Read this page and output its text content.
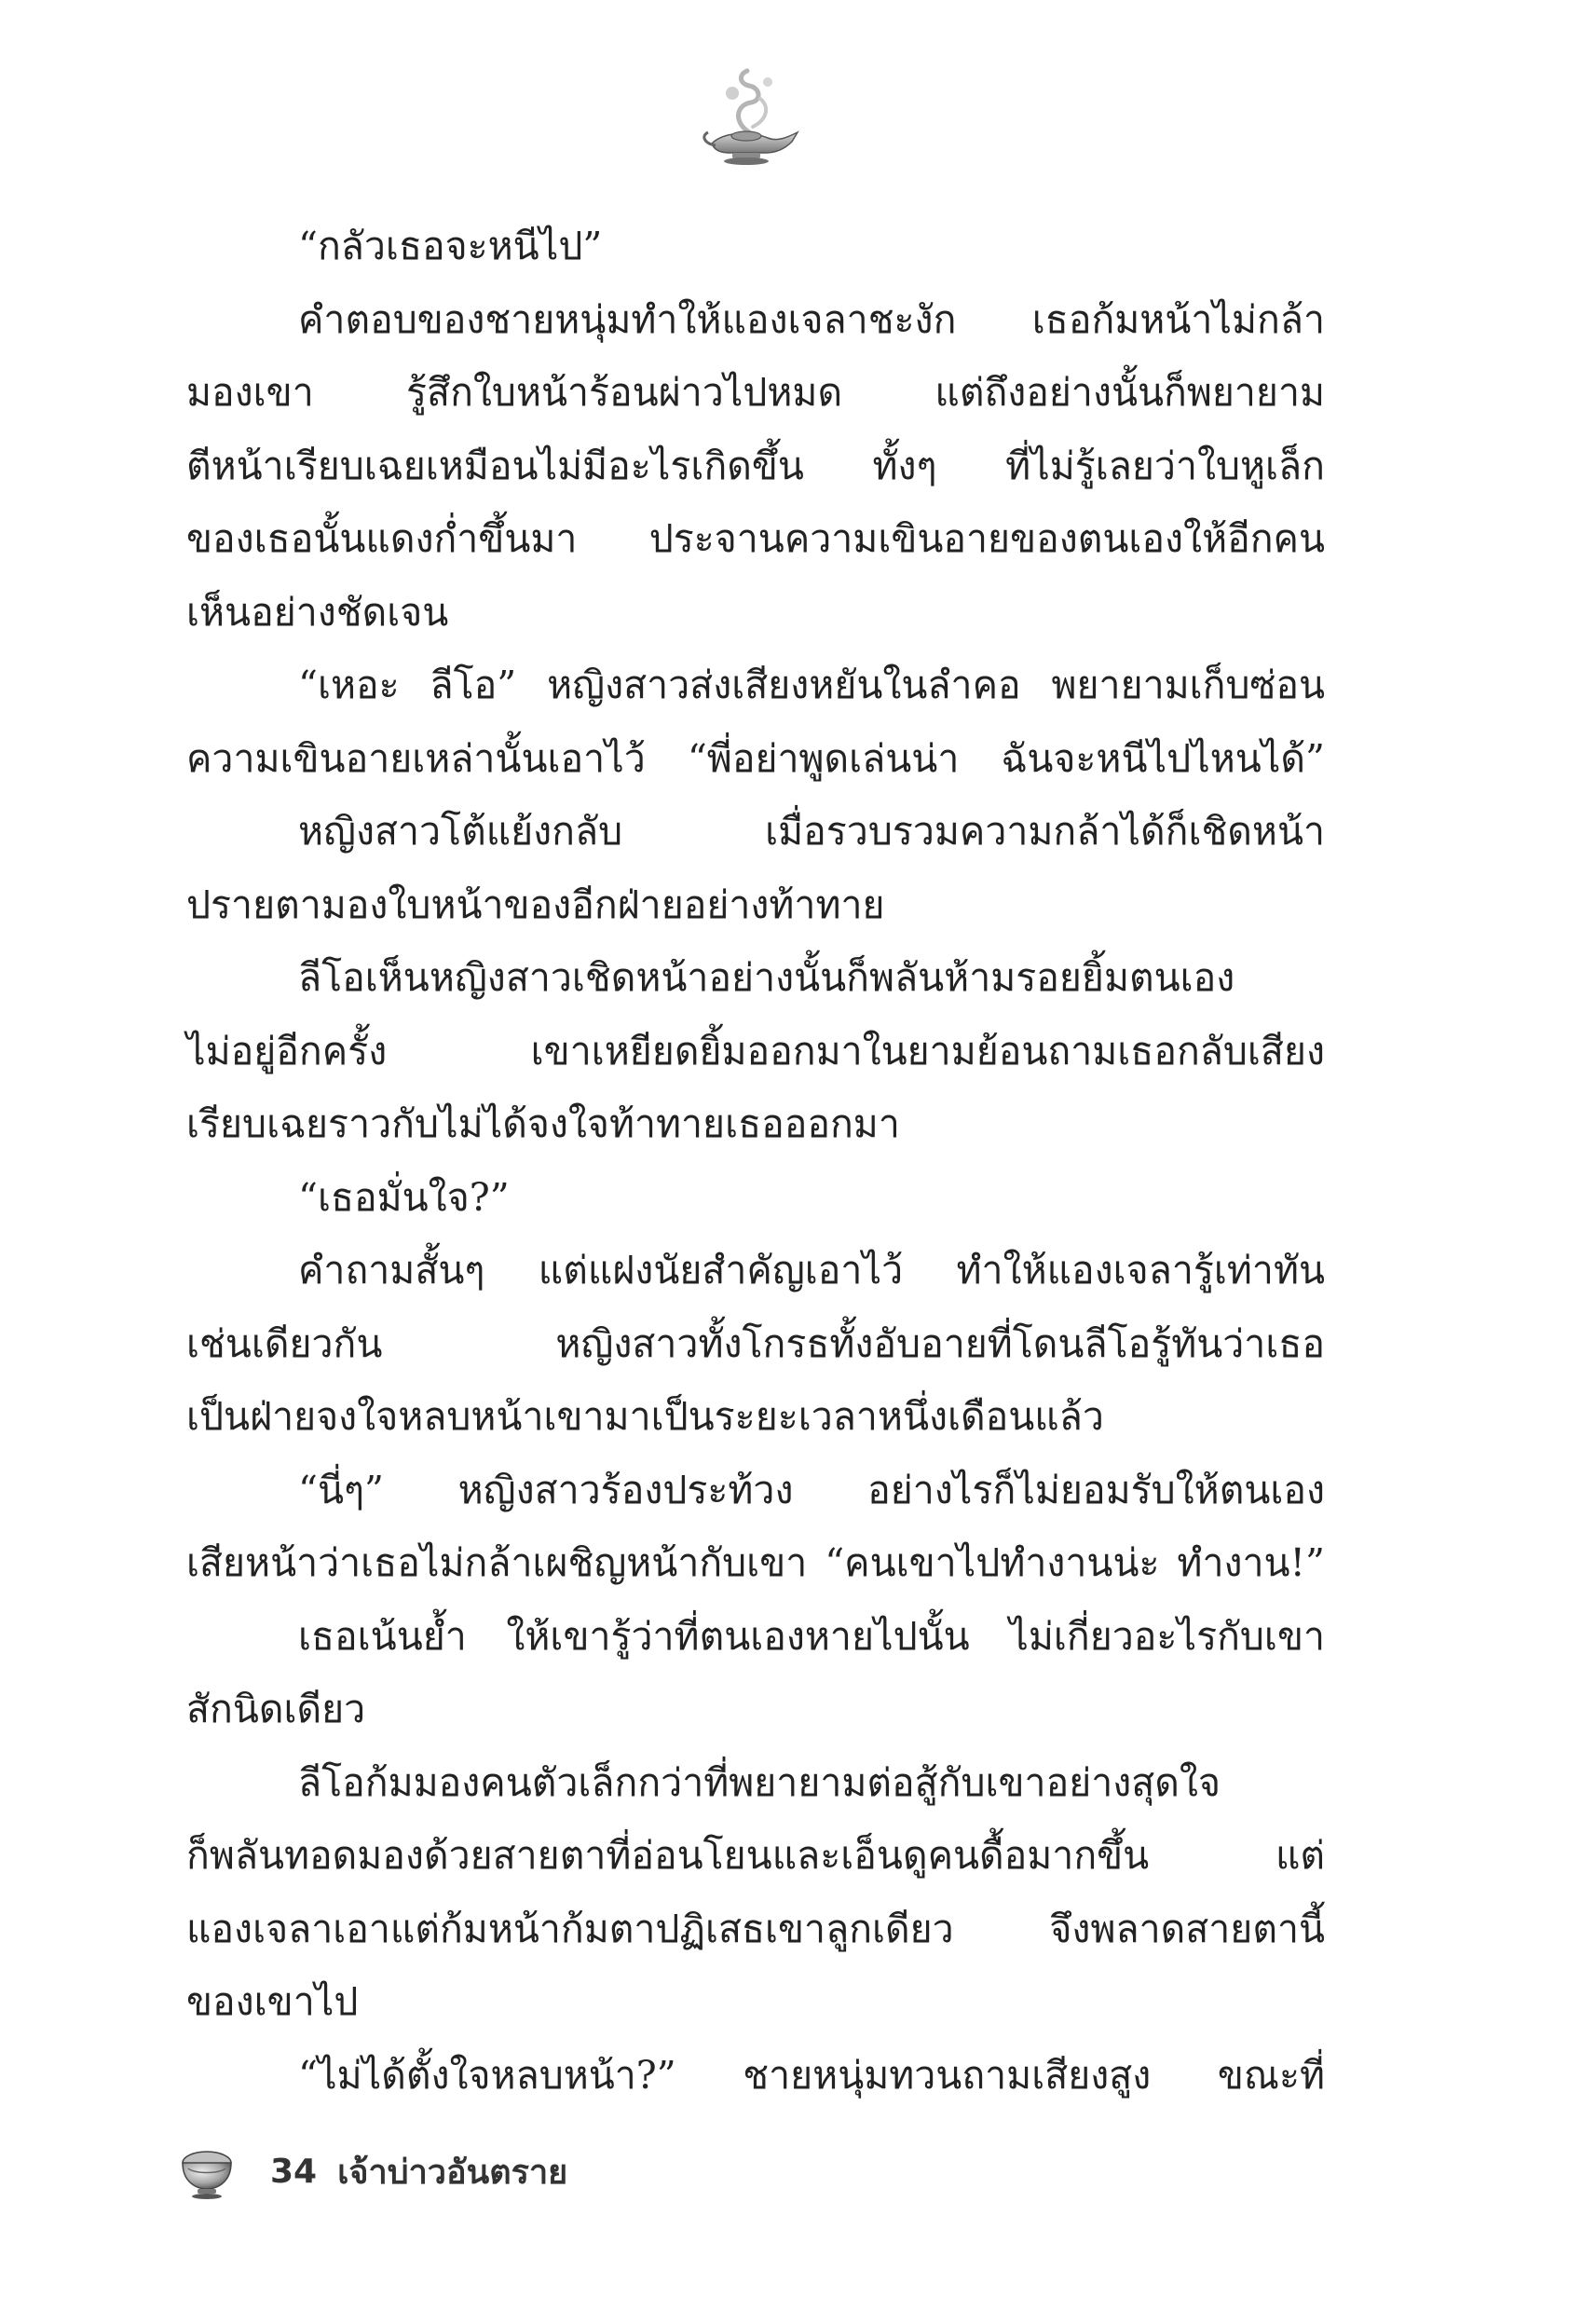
“กลัวเธอจะหนีไป”
คำตอบของชายหนุ่มทำให้แองเจลาชะงัก เธอก้มหน้าไม่กล้า
มองเขา รู้สึกใบหน้าร้อนผ่าวไปหมด แต่ถึงอย่างนั้นก็พยายาม
ตีหน้าเรียบเฉยเหมือนไม่มีอะไรเกิดขึ้น ทั้งๆ ที่ไม่รู้เลยว่าใบหูเล็ก
ของเธอนั้นแดงก่ำขึ้นมา ประจานความเขินอายของตนเองให้อีกคน
เห็นอย่างชัดเจน
“เหอะ ลีโอ” หญิงสาวส่งเสียงหยันในลำคอ พยายามเก็บซ่อน
ความเขินอายเหล่านั้นเอาไว้ “พี่อย่าพูดเล่นน่า ฉันจะหนีไปไหนได้”
หญิงสาวโต้แย้งกลับ เมื่อรวบรวมความกล้าได้ก็เชิดหน้า
ปรายตามองใบหน้าของอีกฝ่ายอย่างท้าทาย
ลีโอเห็นหญิงสาวเชิดหน้าอย่างนั้นก็พลันห้ามรอยยิ้มตนเอง
ไม่อยู่อีกครั้ง เขาเหยียดยิ้มออกมาในยามย้อนถามเธอกลับเสียง
เรียบเฉยราวกับไม่ได้จงใจท้าทายเธอออกมา
“เธอมั่นใจ?”
คำถามสั้นๆ แต่แฝงนัยสำคัญเอาไว้ ทำให้แองเจลารู้เท่าทัน
เช่นเดียวกัน หญิงสาวทั้งโกรธทั้งอับอายที่โดนลีโอรู้ทันว่าเธอ
เป็นฝ่ายจงใจหลบหน้าเขามาเป็นระยะเวลาหนึ่งเดือนแล้ว
“นี่ๆ” หญิงสาวร้องประท้วง อย่างไรก็ไม่ยอมรับให้ตนเอง
เสียหน้าว่าเธอไม่กล้าเผชิญหน้ากับเขา “คนเขาไปทำงานน่ะ ทำงาน!”
เธอเน้นย้ำ ให้เขารู้ว่าที่ตนเองหายไปนั้น ไม่เกี่ยวอะไรกับเขา
สักนิดเดียว
ลีโอก้มมองคนตัวเล็กกว่าที่พยายามต่อสู้กับเขาอย่างสุดใจ
ก็พลันทอดมองด้วยสายตาที่อ่อนโยนและเอ็นดูคนดื้อมากขึ้น แต่
แองเจลาเอาแต่ก้มหน้าก้มตาปฏิเสธเขาลูกเดียว จึงพลาดสายตานี้
ของเขาไป
“ไม่ได้ตั้งใจหลบหน้า?” ชายหนุ่มทวนถามเสียงสูง ขณะที่
34 เจ้าบ่าวอันตราย
